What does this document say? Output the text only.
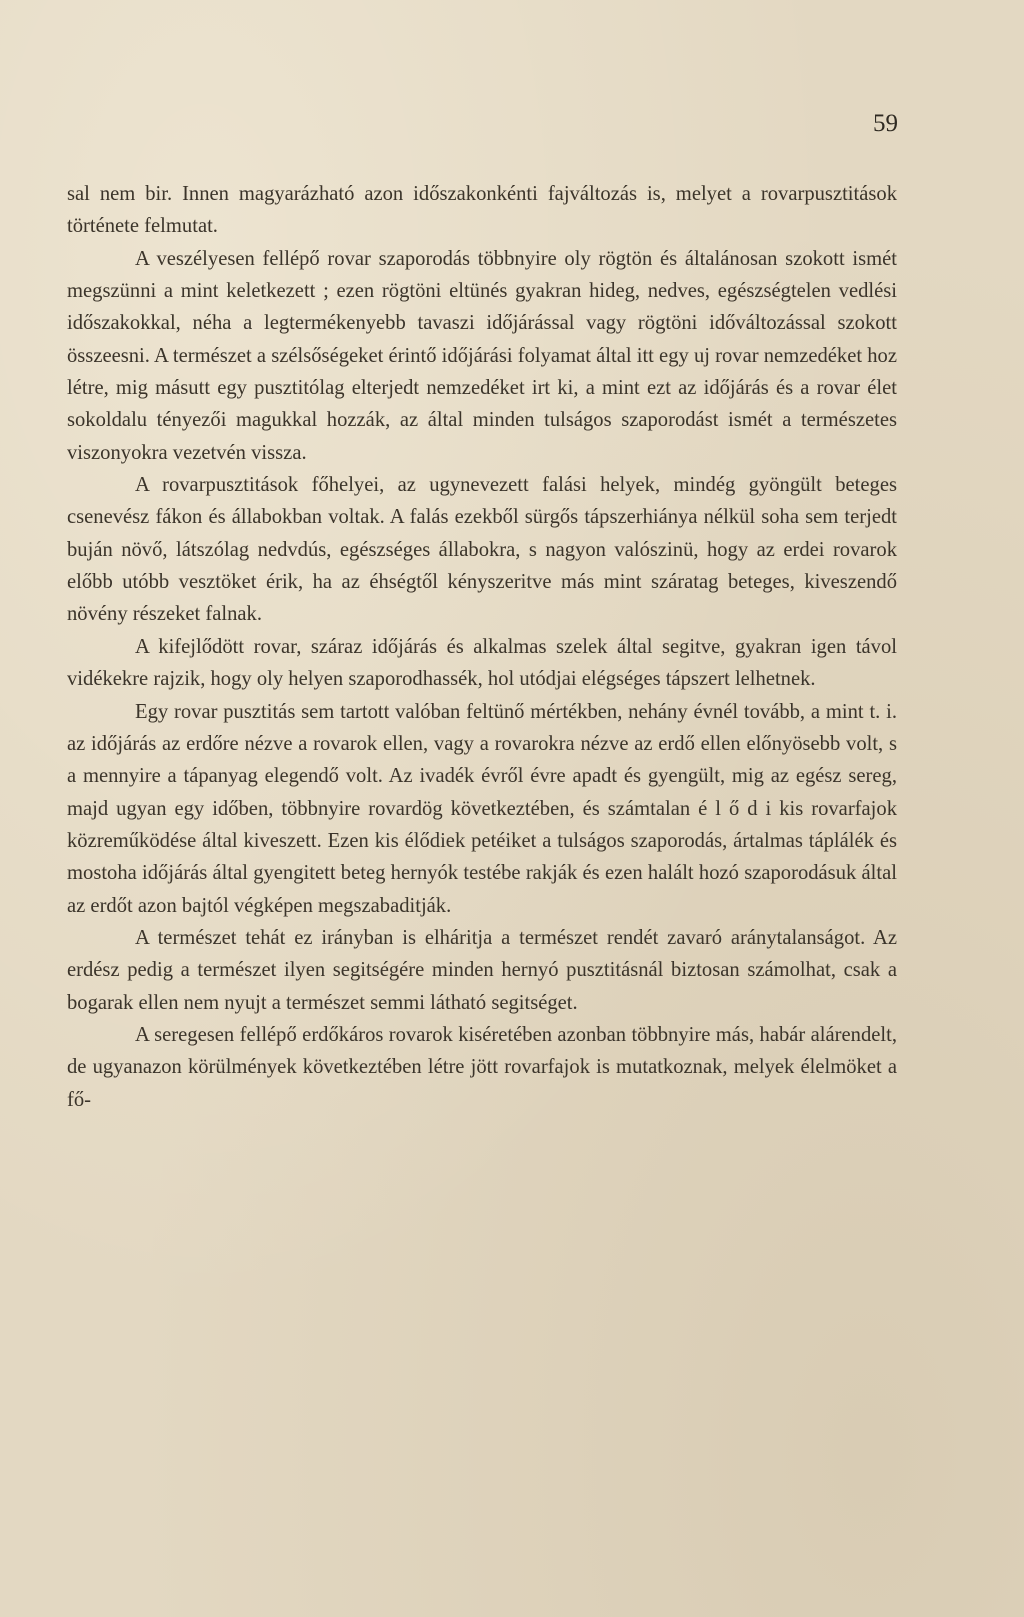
59

sal nem bir. Innen magyarázható azon időszakonkénti fajváltozás is, melyet a rovarpusztitások története felmutat.

A veszélyesen fellépő rovar szaporodás többnyire oly rögtön és általánosan szokott ismét megszünni a mint keletkezett ; ezen rögtöni eltünés gyakran hideg, nedves, egészségtelen vedlési időszakokkal, néha a legtermékenyebb tavaszi időjárással vagy rögtöni időváltozással szokott összeesni. A természet a szélsőségeket érintő időjárási folyamat által itt egy uj rovar nemzedéket hoz létre, mig másutt egy pusztitólag elterjedt nemzedéket irt ki, a mint ezt az időjárás és a rovar élet sokoldalu tényezői magukkal hozzák, az által minden tulságos szaporodást ismét a természetes viszonyokra vezetvén vissza.

A rovarpusztitások főhelyei, az ugynevezett falási helyek, mindég gyöngült beteges csenevész fákon és állabokban voltak. A falás ezekből sürgős tápszerhiánya nélkül soha sem terjedt buján növő, látszólag nedvdús, egészséges állabokra, s nagyon valószinü, hogy az erdei rovarok előbb utóbb vesztöket érik, ha az éhségtől kényszeritve más mint száratag beteges, kiveszendő növény részeket falnak.

A kifejlődött rovar, száraz időjárás és alkalmas szelek által segitve, gyakran igen távol vidékekre rajzik, hogy oly helyen szaporodhassék, hol utódjai elégséges tápszert lelhetnek.

Egy rovar pusztitás sem tartott valóban feltünő mértékben, nehány évnél tovább, a mint t. i. az időjárás az erdőre nézve a rovarok ellen, vagy a rovarokra nézve az erdő ellen előnyösebb volt, s a mennyire a tápanyag elegendő volt. Az ivadék évről évre apadt és gyengült, mig az egész sereg, majd ugyan egy időben, többnyire rovardög következtében, és számtalan é l ő d i kis rovarfajok közreműködése által kiveszett. Ezen kis élődiek petéiket a tulságos szaporodás, ártalmas táplálék és mostoha időjárás által gyengitett beteg hernyók testébe rakják és ezen halált hozó szaporodásuk által az erdőt azon bajtól végképen megszabaditják.

A természet tehát ez irányban is elháritja a természet rendét zavaró aránytalanságot. Az erdész pedig a természet ilyen segitségére minden hernyó pusztitásnál biztosan számolhat, csak a bogarak ellen nem nyujt a természet semmi látható segitséget.

A seregesen fellépő erdőkáros rovarok kiséretében azonban többnyire más, habár alárendelt, de ugyanazon körülmények következtében létre jött rovarfajok is mutatkoznak, melyek élelmöket a fő-
